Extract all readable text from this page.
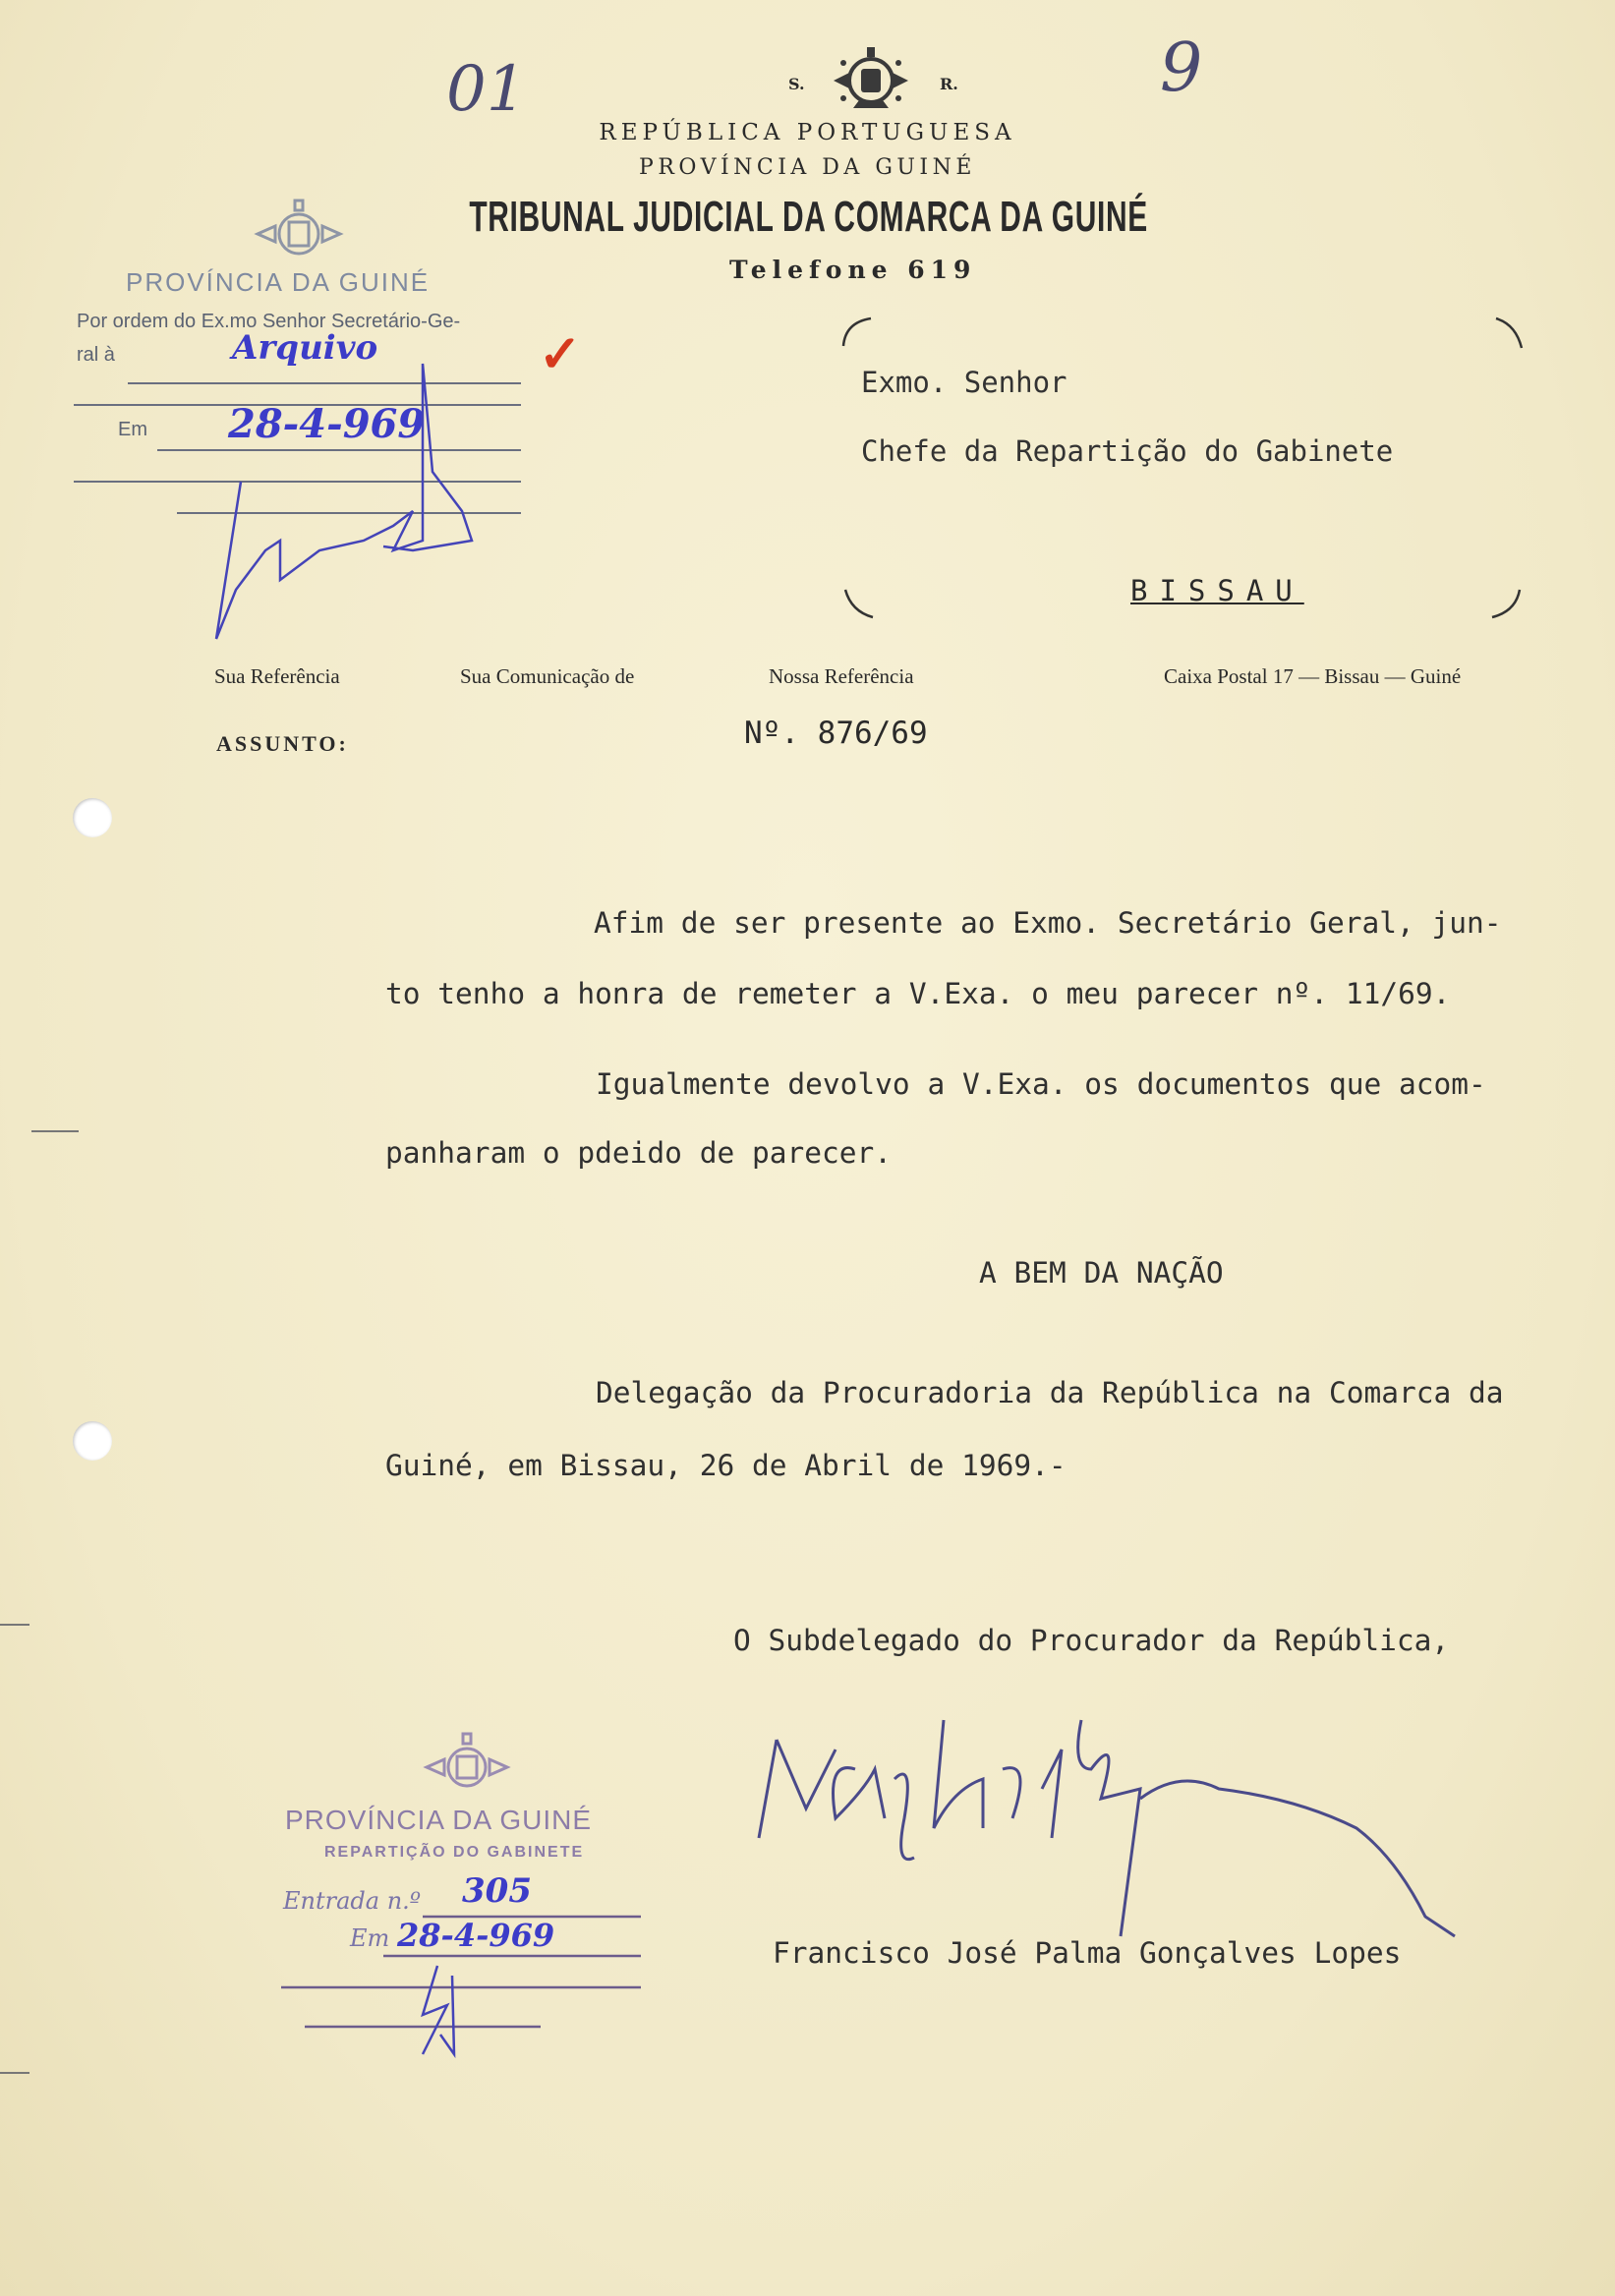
01	9
S.	R.
REPÚBLICA PORTUGUESA
PROVÍNCIA DA GUINÉ
TRIBUNAL JUDICIAL DA COMARCA DA GUINÉ
Telefone 619
PROVÍNCIA DA GUINÉ
Por ordem do Ex.mo Senhor Secretário-Ge-
ral à	Arquivo	✓
Em 28-4-969
Exmo. Senhor
Chefe da Repartição do Gabinete
BISSAU
Sua Referência	Sua Comunicação de	Nossa Referência	Caixa Postal 17 — Bissau — Guiné
ASSUNTO:	Nº. 876/69
Afim de ser presente ao Exmo. Secretário Geral, jun-
to tenho a honra de remeter a V.Exa. o meu parecer nº. 11/69.
Igualmente devolvo a V.Exa. os documentos que acom-
panharam o pdeido de parecer.
A BEM DA NAÇÃO
Delegação da Procuradoria da República na Comarca da
Guiné, em Bissau, 26 de Abril de 1969.-
O Subdelegado do Procurador da República,
Francisco José Palma Gonçalves Lopes
PROVÍNCIA DA GUINÉ
REPARTIÇÃO DO GABINETE
Entrada n.º 305
Em 28-4-969
